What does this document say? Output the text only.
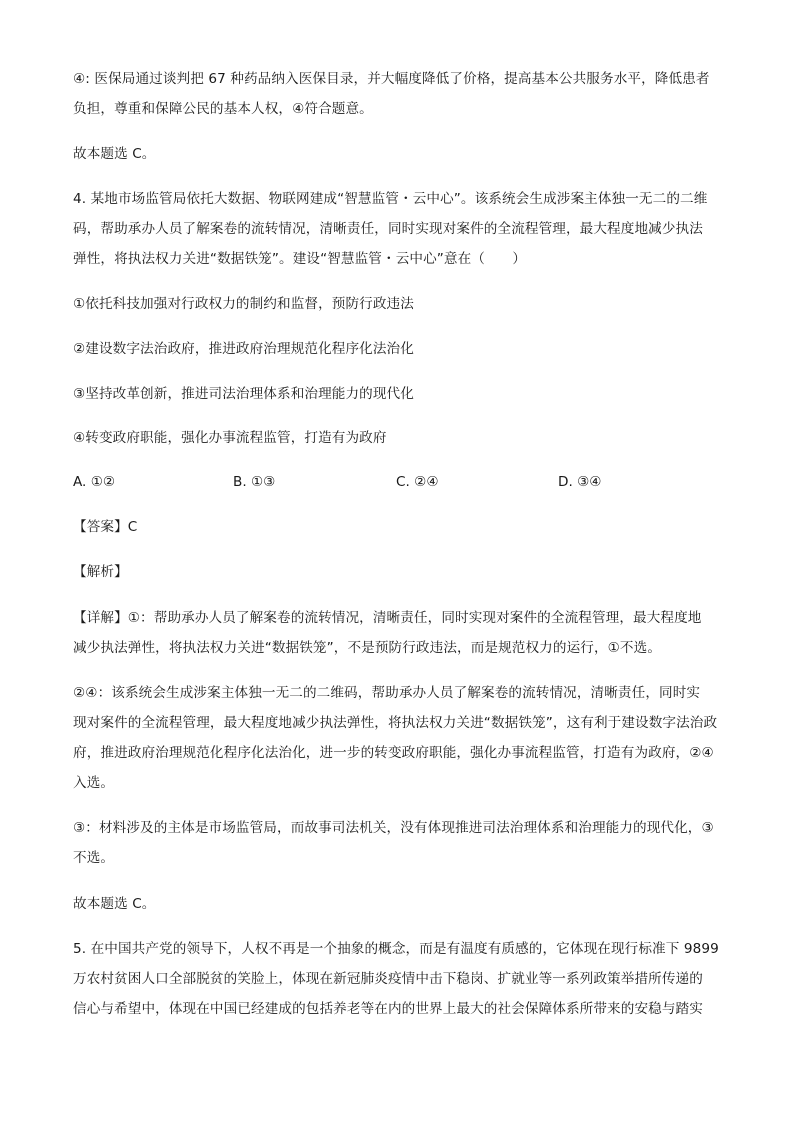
④: 医保局通过谈判把 67 种药品纳入医保目录，并大幅度降低了价格，提高基本公共服务水平，降低患者
负担，尊重和保障公民的基本人权，④符合题意。
故本题选 C。
4. 某地市场监管局依托大数据、物联网建成“智慧监管・云中心”。该系统会生成涉案主体独一无二的二维
码，帮助承办人员了解案卷的流转情况，清晰责任，同时实现对案件的全流程管理，最大程度地减少执法
弹性，将执法权力关进“数据铁笼”。建设“智慧监管・云中心”意在（　　）
①依托科技加强对行政权力的制约和监督，预防行政违法
②建设数字法治政府，推进政府治理规范化程序化法治化
③坚持改革创新，推进司法治理体系和治理能力的现代化
④转变政府职能，强化办事流程监管，打造有为政府
A. ①②	B. ①③	C. ②④	D. ③④
【答案】C
【解析】
【详解】①：帮助承办人员了解案卷的流转情况，清晰责任，同时实现对案件的全流程管理，最大程度地
减少执法弹性，将执法权力关进“数据铁笼”，不是预防行政违法，而是规范权力的运行，①不选。
②④：该系统会生成涉案主体独一无二的二维码，帮助承办人员了解案卷的流转情况，清晰责任，同时实
现对案件的全流程管理，最大程度地减少执法弹性，将执法权力关进“数据铁笼”，这有利于建设数字法治政
府，推进政府治理规范化程序化法治化，进一步的转变政府职能，强化办事流程监管，打造有为政府，②④
入选。
③：材料涉及的主体是市场监管局，而故事司法机关，没有体现推进司法治理体系和治理能力的现代化，③
不选。
故本题选 C。
5. 在中国共产党的领导下，人权不再是一个抽象的概念，而是有温度有质感的，它体现在现行标准下 9899
万农村贫困人口全部脱贫的笑脸上，体现在新冠肺炎疫情中击下稳岗、扩就业等一系列政策举措所传递的
信心与希望中，体现在中国已经建成的包括养老等在内的世界上最大的社会保障体系所带来的安稳与踏实
